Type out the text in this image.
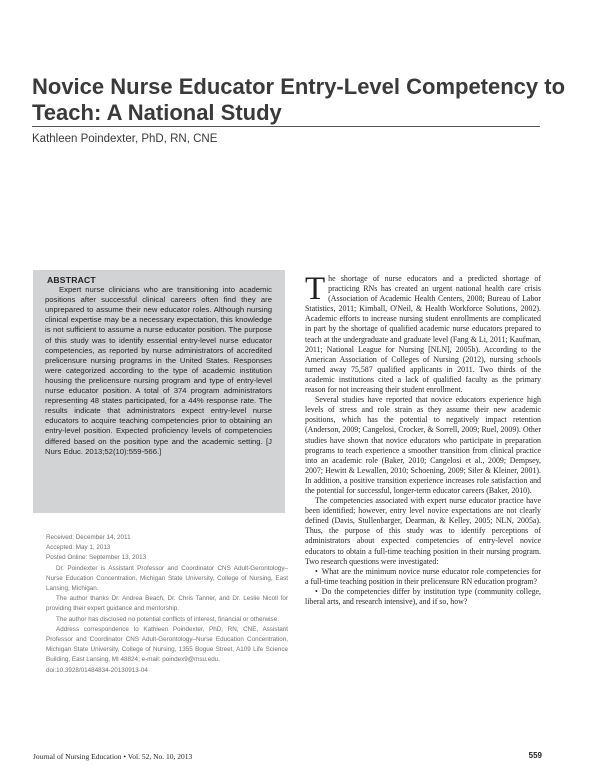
Novice Nurse Educator Entry-Level Competency to Teach: A National Study
Kathleen Poindexter, PhD, RN, CNE
ABSTRACT

Expert nurse clinicians who are transitioning into academic positions after successful clinical careers often find they are unprepared to assume their new educator roles. Although nursing clinical expertise may be a necessary expectation, this knowledge is not sufficient to assume a nurse educator position. The purpose of this study was to identify essential entry-level nurse educator competencies, as reported by nurse administrators of accredited prelicensure nursing programs in the United States. Responses were categorized according to the type of academic institution housing the prelicensure nursing program and type of entry-level nurse educator position. A total of 374 program administrators representing 48 states participated, for a 44% response rate. The results indicate that administrators expect entry-level nurse educators to acquire teaching competencies prior to obtaining an entry-level position. Expected proficiency levels of competencies differed based on the position type and the academic setting. [J Nurs Educ. 2013;52(10):559-566.]

Received: December 14, 2011

Accepted: May 1, 2013

Posted Online: September 13, 2013

Dr. Poindexter is Assistant Professor and Coordinator CNS Adult-Gerontology–Nurse Education Concentration, Michigan State University, College of Nursing, East Lansing, Michigan.

The author thanks Dr. Andrea Beach, Dr. Chris Tanner, and Dr. Leslie Nicoll for providing their expert guidance and mentorship.

The author has disclosed no potential conflicts of interest, financial or otherwise.

Address correspondence to Kathleen Poindexter, PhD, RN, CNE, Assistant Professor and Coordinator CNS Adult-Gerontology–Nurse Education Concentration, Michigan State University, College of Nursing, 1355 Bogue Street, A109 Life Science Building, East Lansing, MI 48824; e-mail: poindex9@msu.edu.

doi:10.3928/01484834-20130913-04

The shortage of nurse educators and a predicted shortage of practicing RNs has created an urgent national health care crisis (Association of Academic Health Centers, 2008; Bureau of Labor Statistics, 2011; Kimball, O'Neil, & Health Workforce Solutions, 2002). Academic efforts to increase nursing student enrollments are complicated in part by the shortage of qualified academic nurse educators prepared to teach at the undergraduate and graduate level (Fang & Li, 2011; Kaufman, 2011; National League for Nursing [NLN], 2005b). According to the American Association of Colleges of Nursing (2012), nursing schools turned away 75,587 qualified applicants in 2011. Two thirds of the academic institutions cited a lack of qualified faculty as the primary reason for not increasing their student enrollment.

Several studies have reported that novice educators experience high levels of stress and role strain as they assume their new academic positions, which has the potential to negatively impact retention (Anderson, 2009; Cangelosi, Crocker, & Sorrell, 2009; Ruel, 2009). Other studies have shown that novice educators who participate in preparation programs to teach experience a smoother transition from clinical practice into an academic role (Baker, 2010; Cangelosi et al., 2009; Dempsey, 2007; Hewitt & Lewallen, 2010; Schoening, 2009; Siler & Kleiner, 2001). In addition, a positive transition experience increases role satisfaction and the potential for successful, longer-term educator careers (Baker, 2010).

The competencies associated with expert nurse educator practice have been identified; however, entry level novice expectations are not clearly defined (Davis, Stullenbarger, Dearman, & Kelley, 2005; NLN, 2005a). Thus, the purpose of this study was to identify perceptions of administrators about expected competencies of entry-level novice educators to obtain a full-time teaching position in their nursing program. Two research questions were investigated:

• What are the minimum novice nurse educator role competencies for a full-time teaching position in their prelicensure RN education program?
• Do the competencies differ by institution type (community college, liberal arts, and research intensive), and if so, how?
Journal of Nursing Education • Vol. 52, No. 10, 2013	559
